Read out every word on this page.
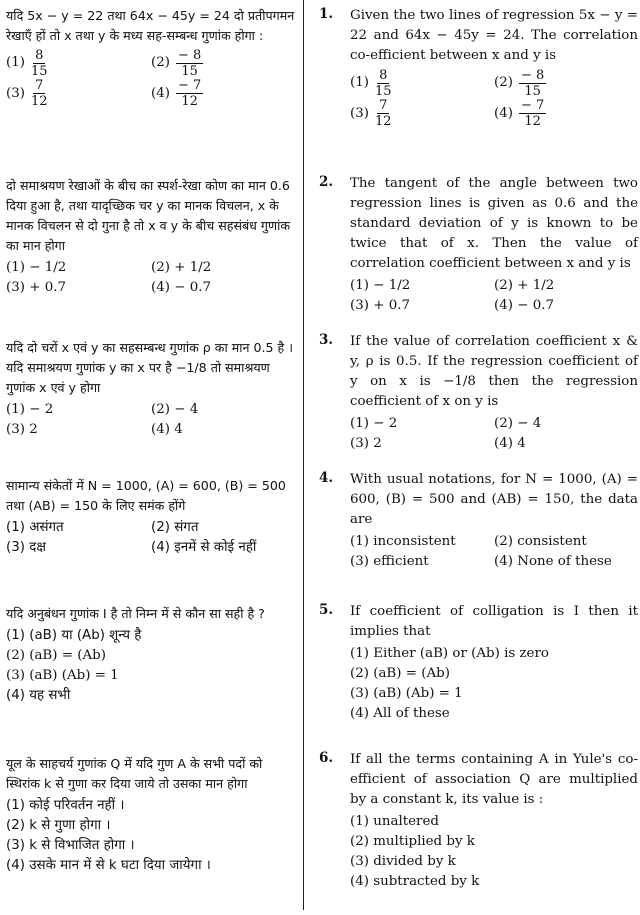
यदि 5x − y = 22 तथा 64x − 45y = 24 दो प्रतीपगमन रेखाएँ हों तो x तथा y के मध्य सह-सम्बन्ध गुणांक होगा :

$(1) \frac{8}{15}$	$(2) \frac{- 8}{15}$
$(3) \frac{7}{12}$	$(4) \frac{- 7}{12}$

दो समाश्रयण रेखाओं के बीच का स्पर्श-रेखा कोण का मान 0.6 दिया हुआ है, तथा यादृच्छिक चर y का मानक विचलन, x के मानक विचलन से दो गुना है तो x व y के बीच सहसंबंध गुणांक का मान होगा

(1) − 1/2	(2) + 1/2
(3) + 0.7	(4) − 0.7

यदि दो चरों x एवं y का सहसम्बन्ध गुणांक ρ का मान 0.5 है । यदि समाश्रयण गुणांक y का x पर है −1/8 तो समाश्रयण गुणांक x एवं y होगा

(1) − 2	(2) − 4
(3) 2	(4) 4

सामान्य संकेतों में N = 1000, (A) = 600, (B) = 500 तथा (AB) = 150 के लिए समंक होंगे

(1) असंगत	(2) संगत
(3) दक्ष	(4) इनमें से कोई नहीं

यदि अनुबंधन गुणांक I है तो निम्न में से कौन सा सही है ?

(1) (aB) या (Ab) शून्य है
(2) (aB) = (Ab)
(3) (aB) (Ab) = 1
(4) यह सभी

यूल के साहचर्य गुणांक Q में यदि गुण A के सभी पदों को स्थिरांक k से गुणा कर दिया जाये तो उसका मान होगा

(1) कोई परिवर्तन नहीं ।
(2) k से गुणा होगा ।
(3) k से विभाजित होगा ।
(4) उसके मान में से k घटा दिया जायेगा ।
1.
2.
3.
4.
5.
6.

Given the two lines of regression 5x − y = 22 and 64x − 45y = 24. The correlation co-efficient between x and y is

$(1) \frac{8}{15}$	$(2) \frac{- 8}{15}$
$(3) \frac{7}{12}$	$(4) \frac{- 7}{12}$

The tangent of the angle between two regression lines is given as 0.6 and the standard deviation of y is known to be twice that of x. Then the value of correlation coefficient between x and y is

(1) − 1/2	(2) + 1/2
(3) + 0.7	(4) − 0.7

If the value of correlation coefficient x & y, ρ is 0.5. If the regression coefficient of y on x is −1/8 then the regression coefficient of x on y is

(1) − 2	(2) − 4
(3) 2	(4) 4

With usual notations, for N = 1000, (A) = 600, (B) = 500 and (AB) = 150, the data are

(1) inconsistent	(2) consistent
(3) efficient	(4) None of these

If coefficient of colligation is I then it implies that

(1) Either (aB) or (Ab) is zero
(2) (aB) = (Ab)
(3) (aB) (Ab) = 1
(4) All of these

If all the terms containing A in Yule's co-efficient of association Q are multiplied by a constant k, its value is :

(1) unaltered
(2) multiplied by k
(3) divided by k
(4) subtracted by k
